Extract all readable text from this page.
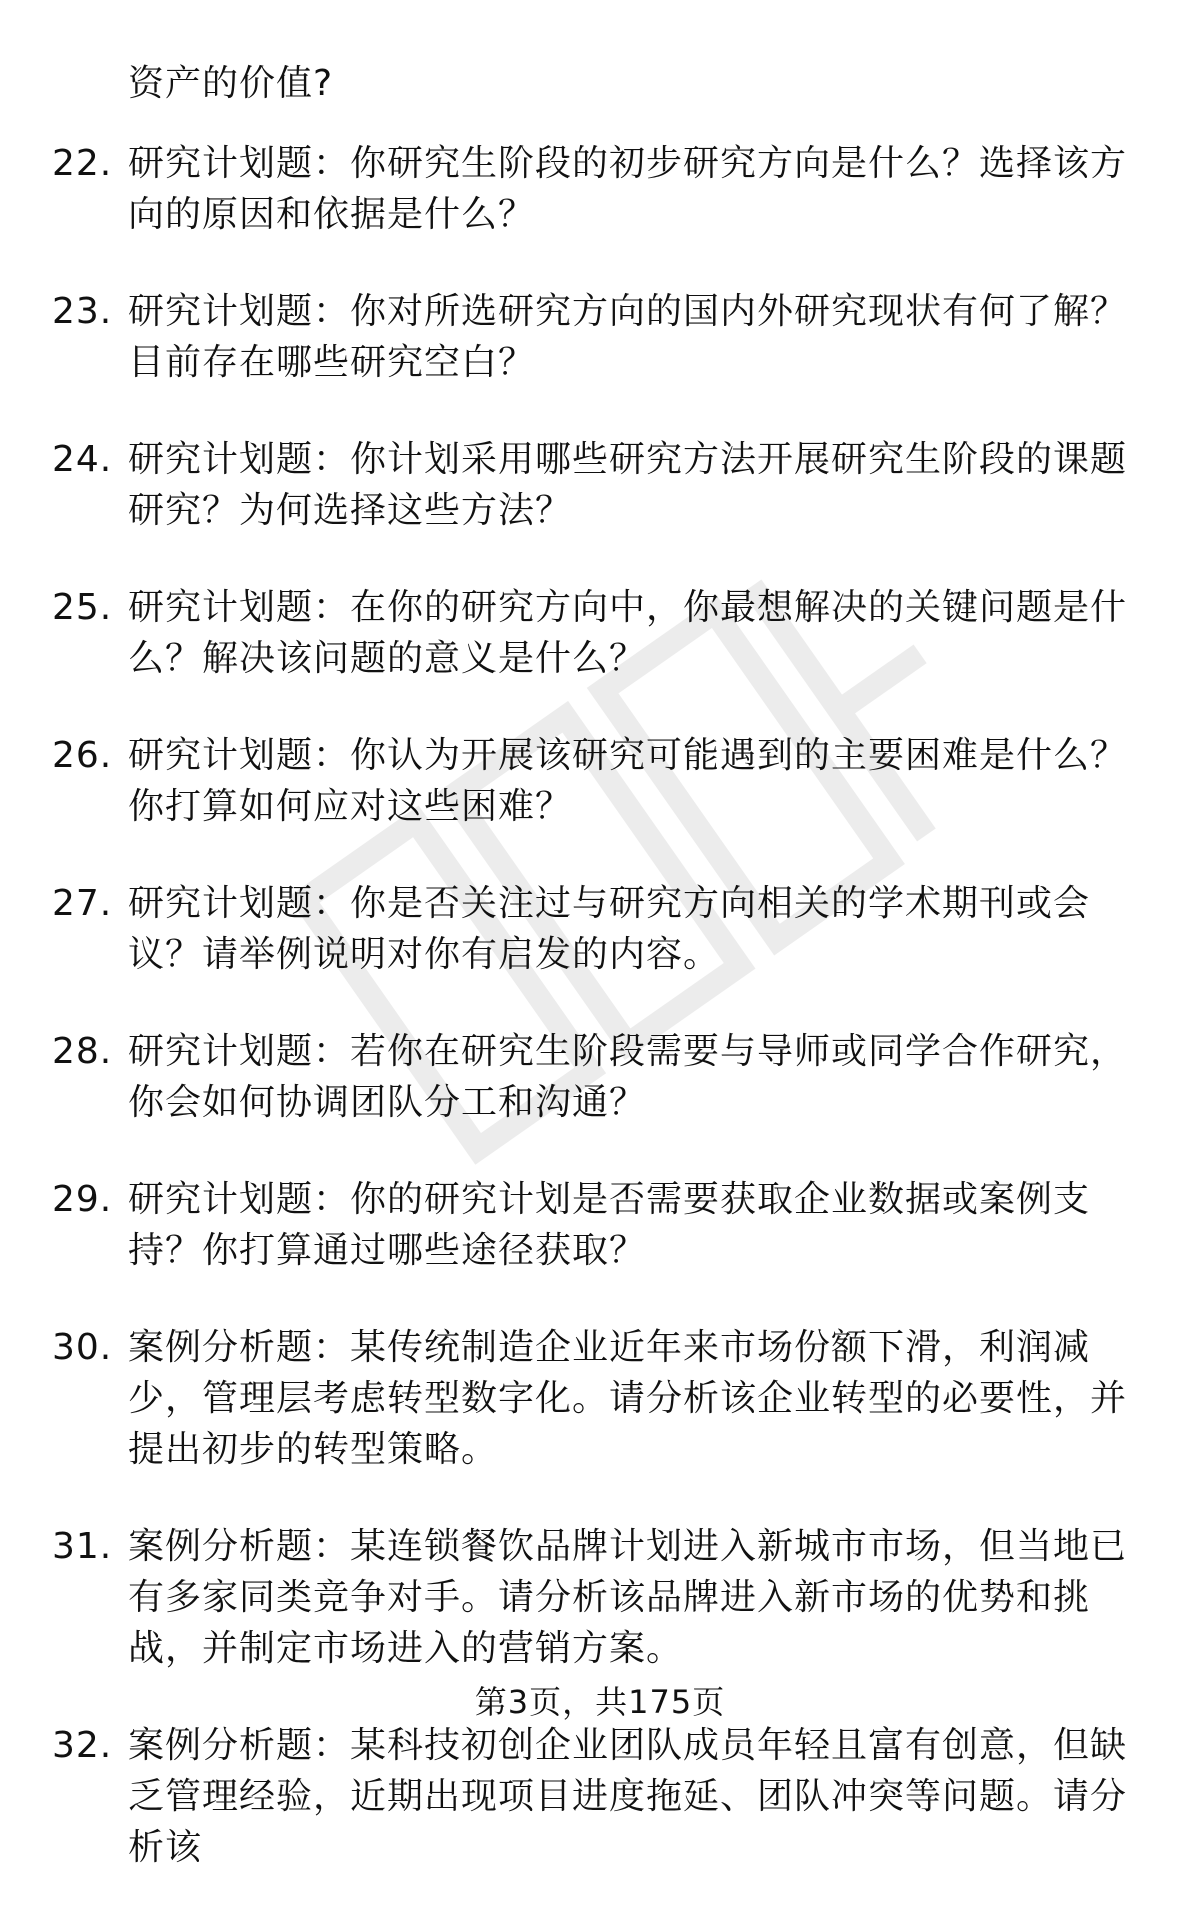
资产的价值?
22. 研究计划题：你研究生阶段的初步研究方向是什么？选择该方向的原因和依据是什么？
23. 研究计划题：你对所选研究方向的国内外研究现状有何了解？目前存在哪些研究空白？
24. 研究计划题：你计划采用哪些研究方法开展研究生阶段的课题研究？为何选择这些方法？
25. 研究计划题：在你的研究方向中，你最想解决的关键问题是什么？解决该问题的意义是什么？
26. 研究计划题：你认为开展该研究可能遇到的主要困难是什么？你打算如何应对这些困难？
27. 研究计划题：你是否关注过与研究方向相关的学术期刊或会议？请举例说明对你有启发的内容。
28. 研究计划题：若你在研究生阶段需要与导师或同学合作研究，你会如何协调团队分工和沟通？
29. 研究计划题：你的研究计划是否需要获取企业数据或案例支持？你打算通过哪些途径获取？
30. 案例分析题：某传统制造企业近年来市场份额下滑，利润减少，管理层考虑转型数字化。请分析该企业转型的必要性，并提出初步的转型策略。
31. 案例分析题：某连锁餐饮品牌计划进入新城市市场，但当地已有多家同类竞争对手。请分析该品牌进入新市场的优势和挑战，并制定市场进入的营销方案。
32. 案例分析题：某科技初创企业团队成员年轻且富有创意，但缺乏管理经验，近期出现项目进度拖延、团队冲突等问题。请分析该
第3页，共175页
